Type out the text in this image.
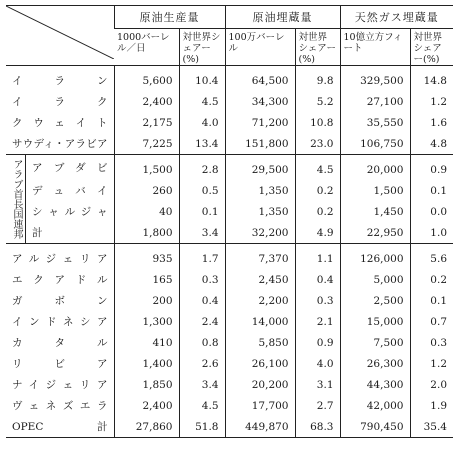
	原油生産量		原油埋蔵量		天然ガス埋蔵量	
	1000バーレル／日	対世界シェアー(%)	100万バーレル	対世界シェアー(%)	10億立方フィート	対世界シェアー(%)
イラン	5,600	10.4	64,500	9.8	329,500	14.8
イラク	2,400	4.5	34,300	5.2	27,100	1.2
クウェイト	2,175	4.0	71,200	10.8	35,550	1.6
サウディ・アラビア	7,225	13.4	151,800	23.0	106,750	4.8

アブダビ	1,500	2.8	29,500	4.5	20,000	0.9
デュバイ	260	0.5	1,350	0.2	1,500	0.1
シャルジャ	40	0.1	1,350	0.2	1,450	0.0
計	1,800	3.4	32,200	4.9	22,950	1.0
アルジェリア	935	1.7	7,370	1.1	126,000	5.6
エクアドル	165	0.3	2,450	0.4	5,000	0.2
ガボン	200	0.4	2,200	0.3	2,500	0.1
インドネシア	1,300	2.4	14,000	2.1	15,000	0.7
カタル	410	0.8	5,850	0.9	7,500	0.3
リビア	1,400	2.6	26,100	4.0	26,300	1.2
ナイジェリア	1,850	3.4	20,200	3.1	44,300	2.0
ヴェネズエラ	2,400	4.5	17,700	2.7	42,000	1.9
OPEC計	27,860	51.8	449,870	68.3	790,450	35.4
アラブ首長国連邦
